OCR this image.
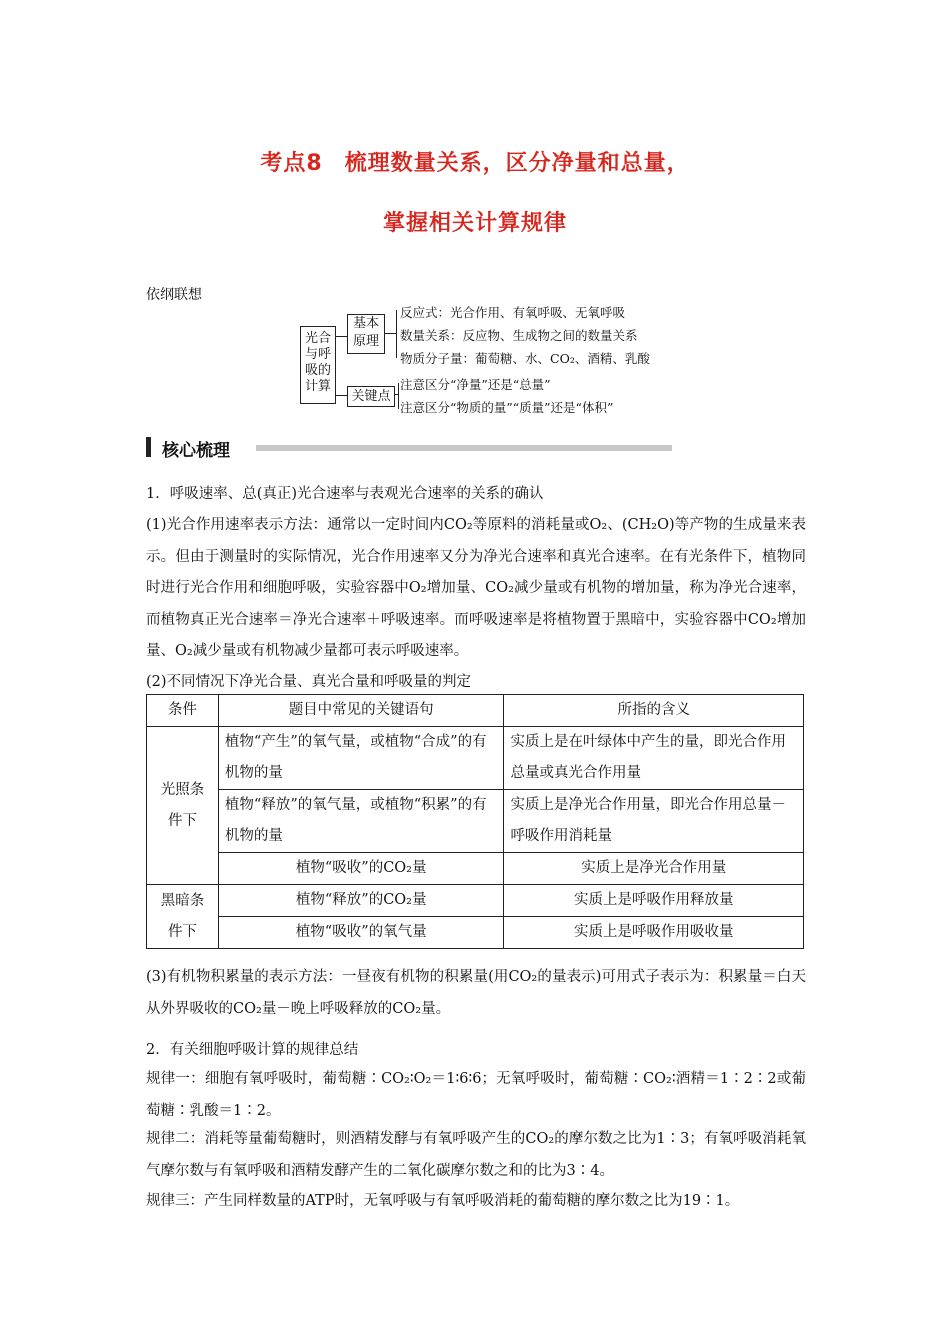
考点8 梳理数量关系，区分净量和总量，
掌握相关计算规律
依纲联想
光合与呼吸的计算
基本原理
关键点
反应式：光合作用、有氧呼吸、无氧呼吸
数量关系：反应物、生成物之间的数量关系
物质分子量：葡萄糖、水、CO₂、酒精、乳酸
注意区分“净量”还是“总量”
注意区分“物质的量”“质量”还是“体积”
核心梳理
1．呼吸速率、总(真正)光合速率与表观光合速率的关系的确认
(1)光合作用速率表示方法：通常以一定时间内CO₂等原料的消耗量或O₂、(CH₂O)等产物的生成量来表示。但由于测量时的实际情况，光合作用速率又分为净光合速率和真光合速率。在有光条件下，植物同时进行光合作用和细胞呼吸，实验容器中O₂增加量、CO₂减少量或有机物的增加量，称为净光合速率，而植物真正光合速率＝净光合速率＋呼吸速率。而呼吸速率是将植物置于黑暗中，实验容器中CO₂增加量、O₂减少量或有机物减少量都可表示呼吸速率。
(2)不同情况下净光合量、真光合量和呼吸量的判定
条件	题目中常见的关键语句	所指的含义
光照条件下	植物“产生”的氧气量，或植物“合成”的有机物的量	实质上是在叶绿体中产生的量，即光合作用总量或真光合作用量
	植物“释放”的氧气量，或植物“积累”的有机物的量	实质上是净光合作用量，即光合作用总量－呼吸作用消耗量
	植物“吸收”的CO₂量	实质上是净光合作用量
黑暗条件下	植物“释放”的CO₂量	实质上是呼吸作用释放量
	植物“吸收”的氧气量	实质上是呼吸作用吸收量
(3)有机物积累量的表示方法：一昼夜有机物的积累量(用CO₂的量表示)可用式子表示为：积累量＝白天从外界吸收的CO₂量－晚上呼吸释放的CO₂量。
2．有关细胞呼吸计算的规律总结
规律一：细胞有氧呼吸时，葡萄糖∶CO₂∶O₂＝1∶6∶6；无氧呼吸时，葡萄糖∶CO₂∶酒精＝1∶2∶2或葡萄糖∶乳酸＝1∶2。
规律二：消耗等量葡萄糖时，则酒精发酵与有氧呼吸产生的CO₂的摩尔数之比为1∶3；有氧呼吸消耗氧气摩尔数与有氧呼吸和酒精发酵产生的二氧化碳摩尔数之和的比为3∶4。
规律三：产生同样数量的ATP时，无氧呼吸与有氧呼吸消耗的葡萄糖的摩尔数之比为19∶1。
